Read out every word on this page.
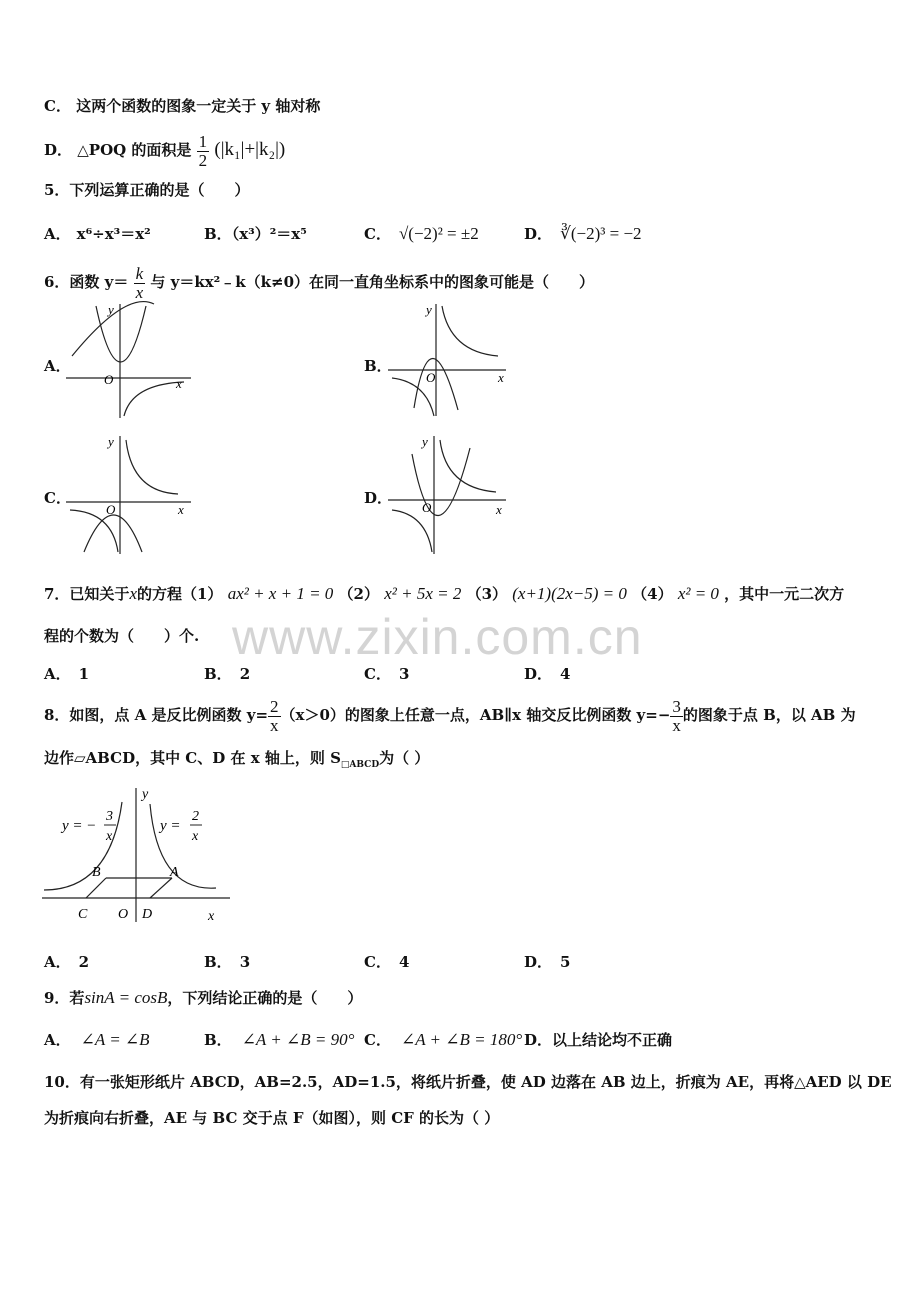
www.zixin.com.cn
C． 这两个函数的图象一定关于 y 轴对称
D． △POQ 的面积是 $\frac{1}{2} (|k_1|+|k_2|)$
5．下列运算正确的是（　　）
A． x⁶÷x³＝x²	B．（x³）²＝x⁵	C． √(−2)² = ±2	D． ∛(−2)³ = −2
6．函数 $y= \frac{k}{x}$ 与 y＝kx²﹣k（k≠0）在同一直角坐标系中的图象可能是（　　）
A．	B．
C．	D．
y
x
O
y
x
O
y
x
O
y
x
O
7．已知关于x的方程（1） ax² + x + 1 = 0 （2） x² + 5x = 2 （3） (x+1)(2x−5) = 0 （4） x² = 0 ，其中一元二次方
程的个数为（　　）个.
A． 1	B． 2	C． 3	D． 4
8．如图，点 A 是反比例函数 $y= \frac{2}{x} (x>0)$的图象上任意一点，AB∥x 轴交反比例函数 $y=- \frac{3}{x}$ 的图象于点 B，以 AB 为
边作▱ABCD，其中 C、D 在 x 轴上，则 $S_{□ABCD}$为（ ）
y
x
O D
C
B	A
y = −
3
x
y =
2
x
A． 2	B． 3	C． 4	D． 5
9．若sinA = cosB，下列结论正确的是（　　）
A． ∠A = ∠B	B． ∠A + ∠B = 90° C． ∠A + ∠B = 180° D．以上结论均不正确
10．有一张矩形纸片 ABCD，AB=2.5，AD=1.5，将纸片折叠，使 AD 边落在 AB 边上，折痕为 AE，再将△AED 以 DE
为折痕向右折叠，AE 与 BC 交于点 F（如图），则 CF 的长为（ ）
